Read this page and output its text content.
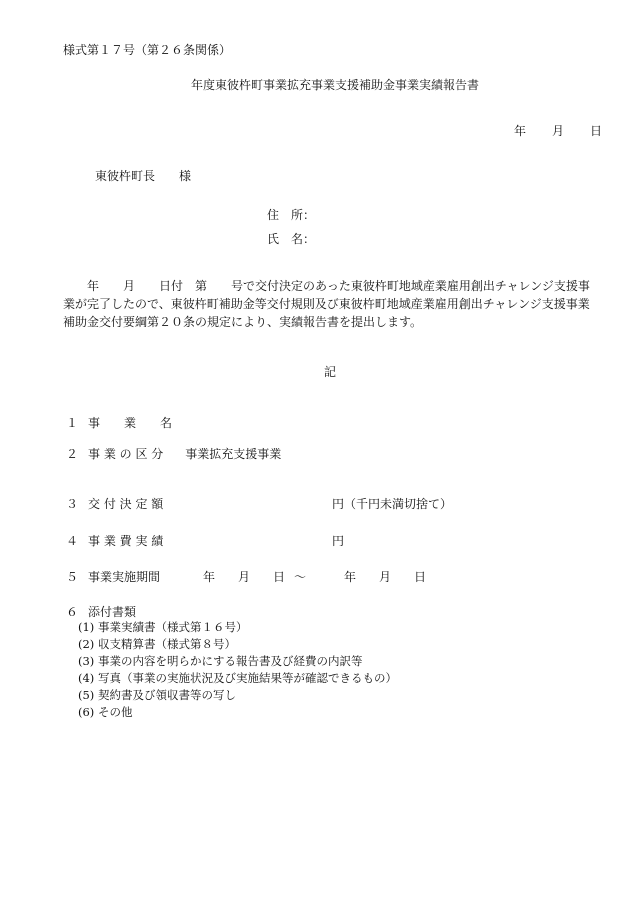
様式第１７号（第２６条関係）
年度東彼杵町事業拡充事業支援補助金事業実績報告書
年 月 日
東彼杵町長 様
住　所：
氏　名：
年　　月　　日付　第　　号で交付決定のあった東彼杵町地域産業雇用創出チャレンジ支援事業が完了したので、東彼杵町補助金等交付規則及び東彼杵町地域産業雇用創出チャレンジ支援事業補助金交付要綱第２０条の規定により、実績報告書を提出します。
記
１ 事　　業　　名
２ 事 業 の 区 分 事業拡充支援事業
３ 交 付 決 定 額	円（千円未満切捨て）
４ 事 業 費 実 績	円
５ 事業実施期間	年 月 日 ～	年 月 日
６ 添付書類
(1) 事業実績書（様式第１６号）
(2) 収支精算書（様式第８号）
(3) 事業の内容を明らかにする報告書及び経費の内訳等
(4) 写真（事業の実施状況及び実施結果等が確認できるもの）
(5) 契約書及び領収書等の写し
(6) その他
